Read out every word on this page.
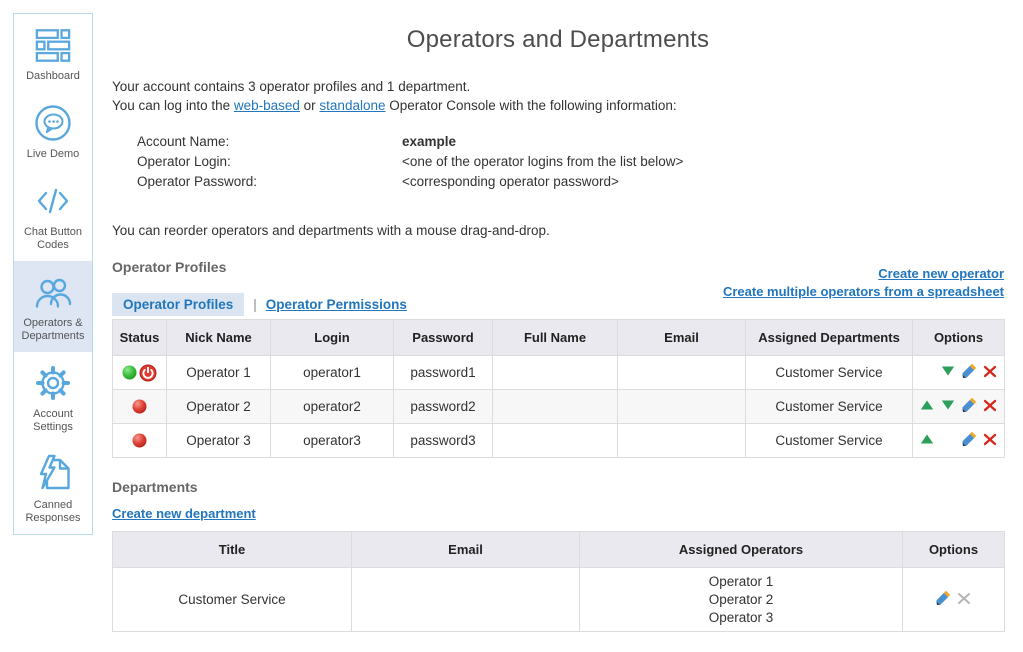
Dashboard
Live Demo
Chat Button Codes
Operators & Departments
Account Settings
Canned Responses
Operators and Departments
Your account contains 3 operator profiles and 1 department.
You can log into the web-based or standalone Operator Console with the following information:
Account Name:	example
Operator Login:	<one of the operator logins from the list below>
Operator Password:	<corresponding operator password>
You can reorder operators and departments with a mouse drag-and-drop.
Operator Profiles
Operator Profiles	| Operator Permissions
Create new operator
Create multiple operators from a spreadsheet
Status	Nick Name	Login	Password	Full Name	Email	Assigned Departments	Options

	Operator 1	operator1	password1			Customer Service	

	Operator 2	operator2	password2			Customer Service	

	Operator 3	operator3	password3			Customer Service	
Departments
Create new department
Title	Email	Assigned Operators	Options
Customer Service		Operator 1
Operator 2
Operator 3
